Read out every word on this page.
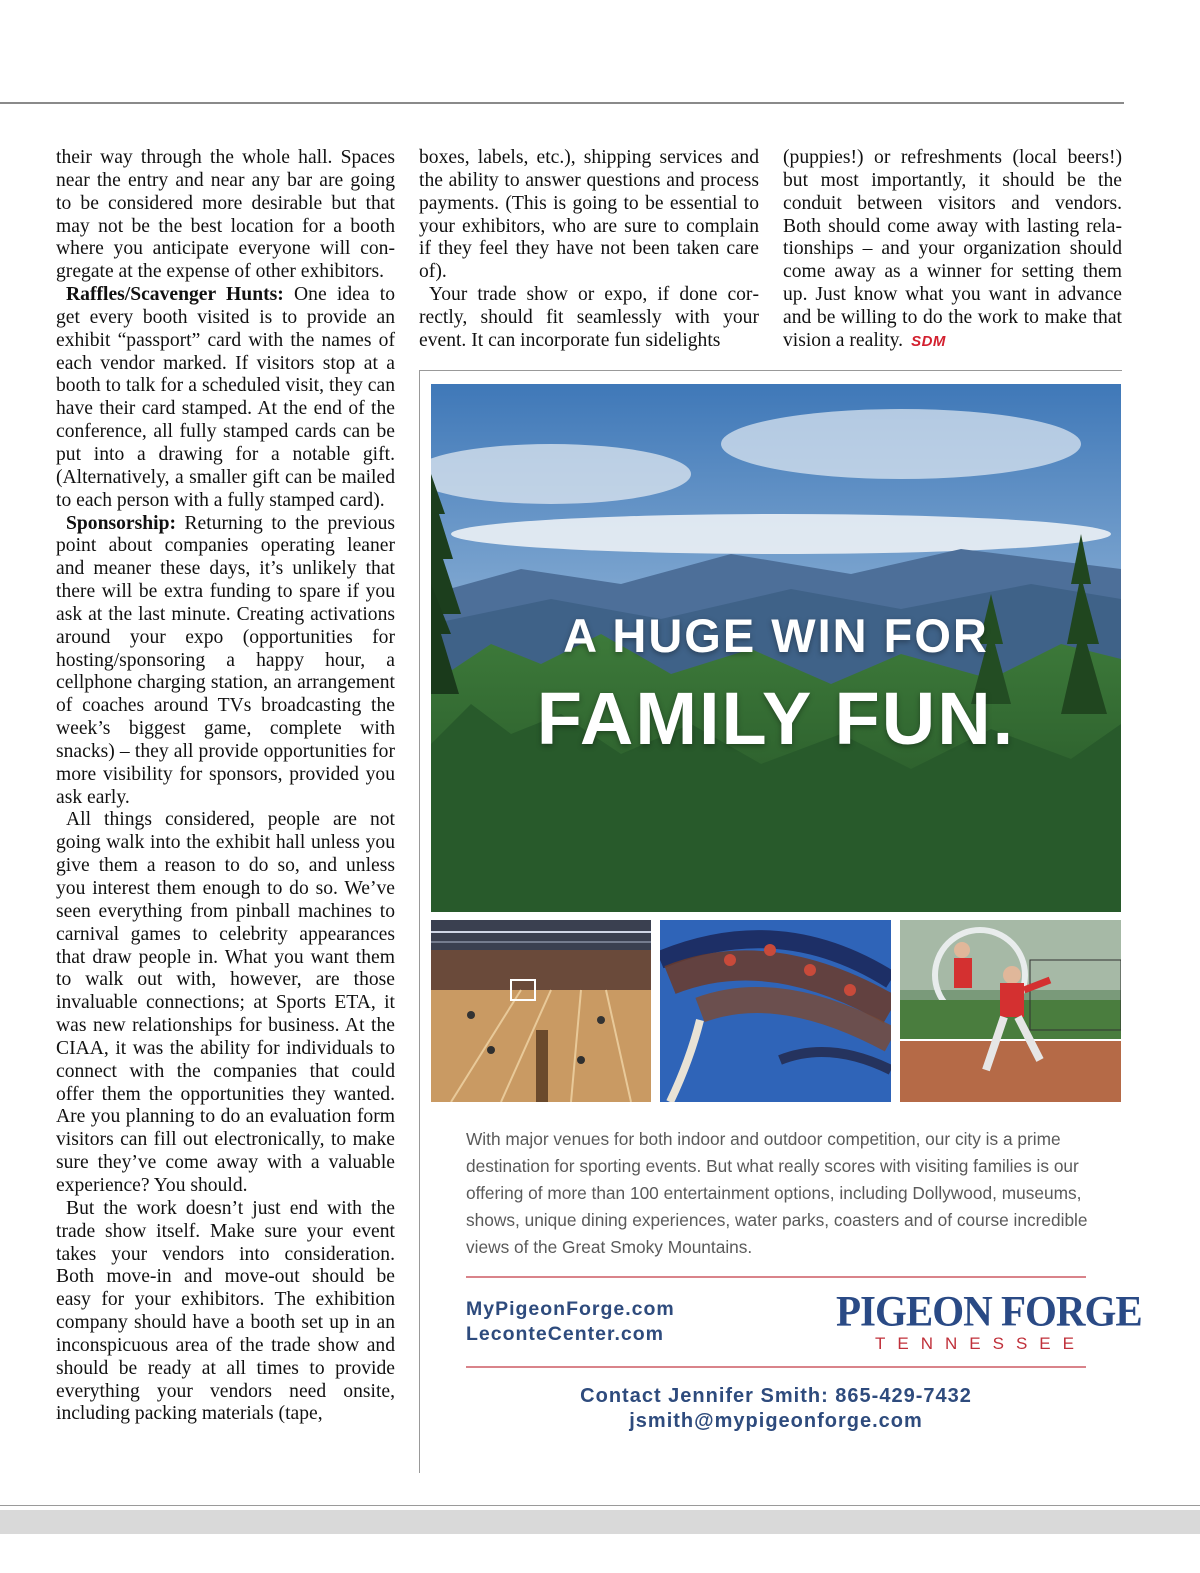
their way through the whole hall. Spaces near the entry and near any bar are going to be considered more desirable but that may not be the best location for a booth where you anticipate everyone will congregate at the expense of other exhibitors.

Raffles/Scavenger Hunts: One idea to get every booth visited is to provide an exhibit “passport” card with the names of each vendor marked. If visitors stop at a booth to talk for a scheduled visit, they can have their card stamped. At the end of the conference, all fully stamped cards can be put into a drawing for a notable gift. (Alternatively, a smaller gift can be mailed to each person with a fully stamped card).

Sponsorship: Returning to the previous point about companies operating leaner and meaner these days, it’s unlikely that there will be extra funding to spare if you ask at the last minute. Creating activations around your expo (opportunities for hosting/sponsoring a happy hour, a cellphone charging station, an arrangement of coaches around TVs broadcasting the week’s biggest game, complete with snacks) – they all provide opportunities for more visibility for sponsors, provided you ask early.

All things considered, people are not going walk into the exhibit hall unless you give them a reason to do so, and unless you interest them enough to do so. We’ve seen everything from pinball machines to carnival games to celebrity appearances that draw people in. What you want them to walk out with, however, are those invaluable connections; at Sports ETA, it was new relationships for business. At the CIAA, it was the ability for individuals to connect with the companies that could offer them the opportunities they wanted. Are you planning to do an evaluation form visitors can fill out electronically, to make sure they’ve come away with a valuable experience? You should.

But the work doesn’t just end with the trade show itself. Make sure your event takes your vendors into consideration. Both move-in and move-out should be easy for your exhibitors. The exhibition company should have a booth set up in an inconspicuous area of the trade show and should be ready at all times to provide everything your vendors need onsite, including packing materials (tape,

boxes, labels, etc.), shipping services and the ability to answer questions and process payments. (This is going to be essential to your exhibitors, who are sure to complain if they feel they have not been taken care of).

Your trade show or expo, if done correctly, should fit seamlessly with your event. It can incorporate fun sidelights

(puppies!) or refreshments (local beers!) but most importantly, it should be the conduit between visitors and vendors. Both should come away with lasting relationships – and your organization should come away as a winner for setting them up. Just know what you want in advance and be willing to do the work to make that vision a reality. SDM

A HUGE WIN FOR
FAMILY FUN.
With major venues for both indoor and outdoor competition, our city is a prime destination for sporting events. But what really scores with visiting families is our offering of more than 100 entertainment options, including Dollywood, museums, shows, unique dining experiences, water parks, coasters and of course incredible views of the Great Smoky Mountains.
MyPigeonForge.com
LeconteCenter.com	PIGEON FORGE
TENNESSEE
Contact Jennifer Smith: 865-429-7432
jsmith@mypigeonforge.com
